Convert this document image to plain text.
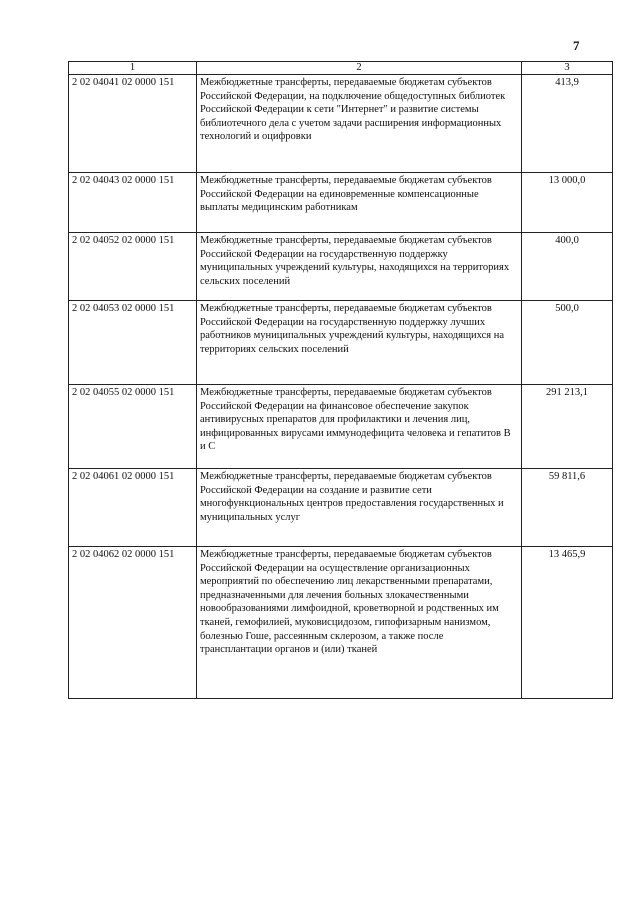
7
1	2	3
2 02 04041 02 0000 151	Межбюджетные трансферты, передаваемые бюджетам субъектов Российской Федерации, на подключение общедоступных библиотек Российской Федерации к сети "Интернет" и развитие системы библиотечного дела с учетом задачи расширения информационных технологий и оцифровки	413,9
2 02 04043 02 0000 151	Межбюджетные трансферты, передаваемые бюджетам субъектов Российской Федерации на единовременные компенсационные выплаты медицинским работникам	13 000,0
2 02 04052 02 0000 151	Межбюджетные трансферты, передаваемые бюджетам субъектов Российской Федерации на государственную поддержку муниципальных учреждений культуры, находящихся на территориях сельских поселений	400,0
2 02 04053 02 0000 151	Межбюджетные трансферты, передаваемые бюджетам субъектов Российской Федерации на государственную поддержку лучших работников муниципальных учреждений культуры, находящихся на территориях сельских поселений	500,0
2 02 04055 02 0000 151	Межбюджетные трансферты, передаваемые бюджетам субъектов Российской Федерации на финансовое обеспечение закупок антивирусных препаратов для профилактики и лечения лиц, инфицированных вирусами иммунодефицита человека и гепатитов В и С	291 213,1
2 02 04061 02 0000 151	Межбюджетные трансферты, передаваемые бюджетам субъектов Российской Федерации на создание и развитие сети многофункциональных центров предоставления государственных и муниципальных услуг	59 811,6
2 02 04062 02 0000 151	Межбюджетные трансферты, передаваемые бюджетам субъектов Российской Федерации на осуществление организационных мероприятий по обеспечению лиц лекарственными препаратами, предназначенными для лечения больных злокачественными новообразованиями лимфоидной, кроветворной и родственных им тканей, гемофилией, муковисцидозом, гипофизарным нанизмом, болезнью Гоше, рассеянным склерозом, а также после трансплантации органов и (или) тканей	13 465,9
